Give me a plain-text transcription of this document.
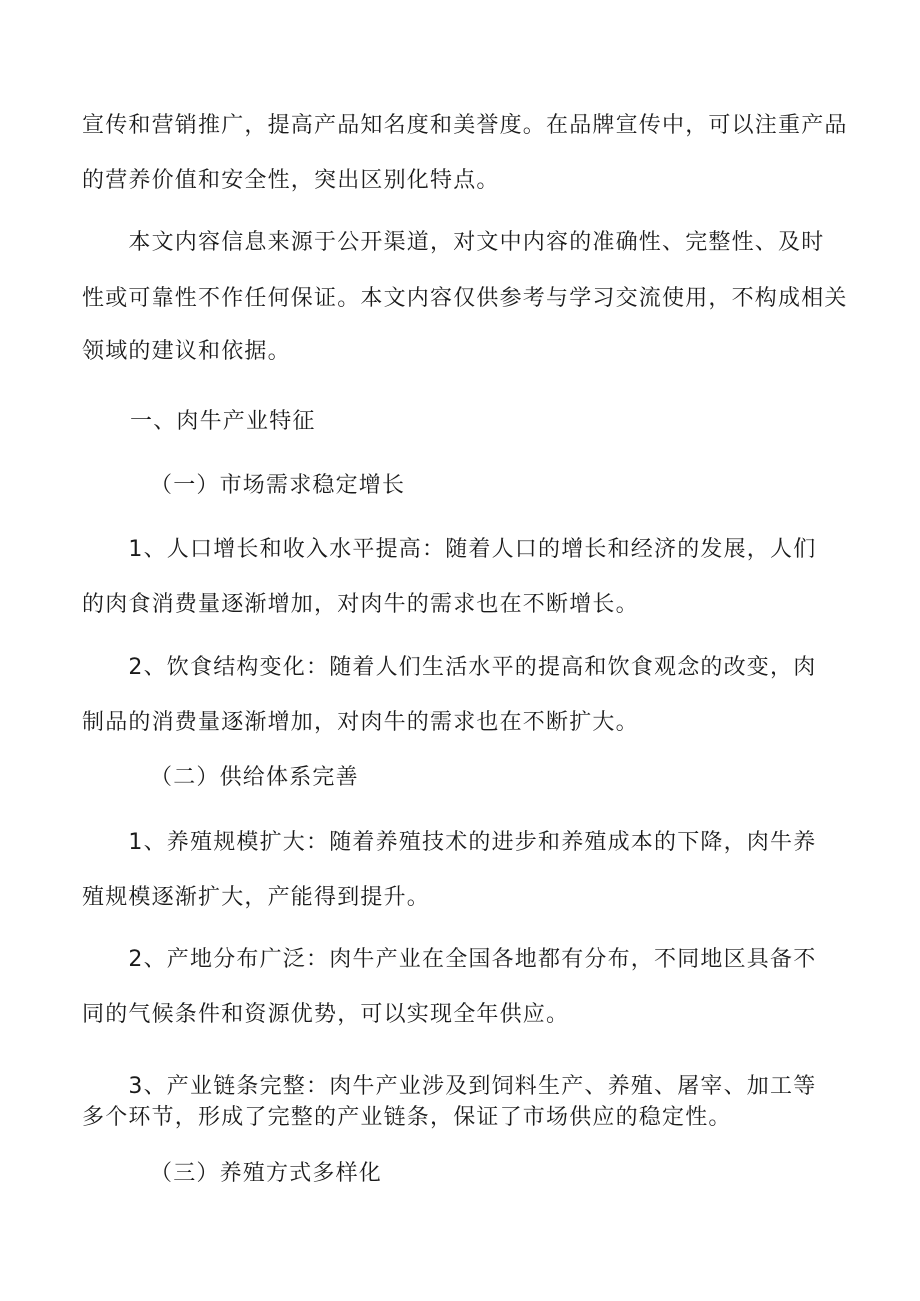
宣传和营销推广，提高产品知名度和美誉度。在品牌宣传中，可以注重产品
的营养价值和安全性，突出区别化特点。
　　本文内容信息来源于公开渠道，对文中内容的准确性、完整性、及时
性或可靠性不作任何保证。本文内容仅供参考与学习交流使用，不构成相关
领域的建议和依据。
一、肉牛产业特征
（一）市场需求稳定增长
　　1、人口增长和收入水平提高：随着人口的增长和经济的发展，人们
的肉食消费量逐渐增加，对肉牛的需求也在不断增长。
　　2、饮食结构变化：随着人们生活水平的提高和饮食观念的改变，肉
制品的消费量逐渐增加，对肉牛的需求也在不断扩大。
（二）供给体系完善
　　1、养殖规模扩大：随着养殖技术的进步和养殖成本的下降，肉牛养
殖规模逐渐扩大，产能得到提升。
　　2、产地分布广泛：肉牛产业在全国各地都有分布，不同地区具备不
同的气候条件和资源优势，可以实现全年供应。
　　3、产业链条完整：肉牛产业涉及到饲料生产、养殖、屠宰、加工等
多个环节，形成了完整的产业链条，保证了市场供应的稳定性。
（三）养殖方式多样化
